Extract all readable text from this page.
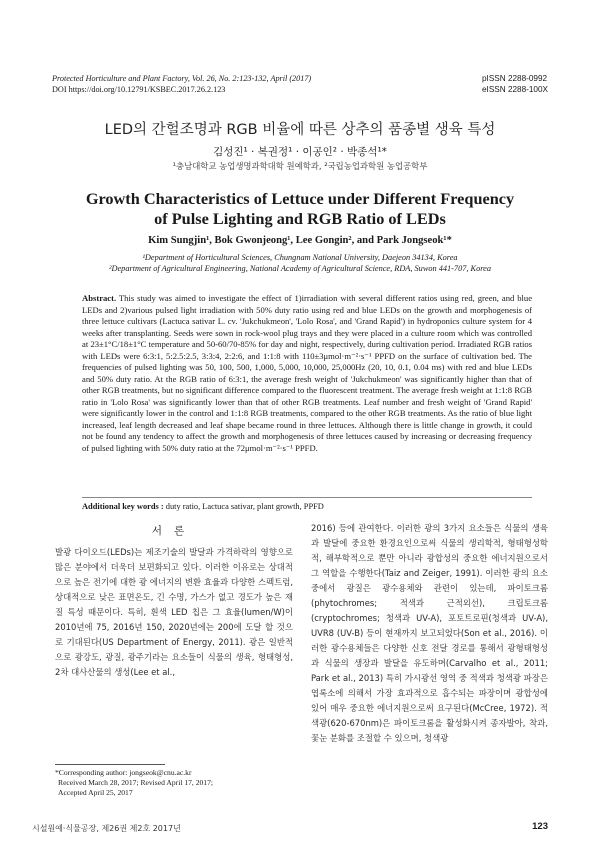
Protected Horticulture and Plant Factory, Vol. 26, No. 2:123-132, April (2017)
DOI https://doi.org/10.12791/KSBEC.2017.26.2.123
pISSN 2288-0992
eISSN 2288-100X
LED의 간헐조명과 RGB 비율에 따른 상추의 품종별 생육 특성
김성진¹ · 복권정¹ · 이공인² · 박종석¹*
¹충남대학교 농업생명과학대학 원예학과, ²국립농업과학원 농업공학부
Growth Characteristics of Lettuce under Different Frequency
of Pulse Lighting and RGB Ratio of LEDs
Kim Sungjin¹, Bok Gwonjeong¹, Lee Gongin², and Park Jongseok¹*
¹Department of Horticultural Sciences, Chungnam National University, Daejeon 34134, Korea
²Department of Agricultural Engineering, National Academy of Agricultural Science, RDA, Suwon 441-707, Korea
Abstract. This study was aimed to investigate the effect of 1)irradiation with several different ratios using red, green, and blue LEDs and 2)various pulsed light irradiation with 50% duty ratio using red and blue LEDs on the growth and morphogenesis of three lettuce cultivars (Lactuca sativar L. cv. 'Jukchukmeon', 'Lolo Rosa', and 'Grand Rapid') in hydroponics culture system for 4 weeks after transplanting. Seeds were sown in rock-wool plug trays and they were placed in a culture room which was controlled at 23±1°C/18±1°C temperature and 50-60/70-85% for day and night, respectively, during cultivation period. Irradiated RGB ratios with LEDs were 6:3:1, 5:2.5:2.5, 3:3:4, 2:2:6, and 1:1:8 with 110±3μmol·m⁻²·s⁻¹ PPFD on the surface of cultivation bed. The frequencies of pulsed lighting was 50, 100, 500, 1,000, 5,000, 10,000, 25,000Hz (20, 10, 0.1, 0.04 ms) with red and blue LEDs and 50% duty ratio. At the RGB ratio of 6:3:1, the average fresh weight of 'Jukchukmeon' was significantly higher than that of other RGB treatments, but no significant difference compared to the fluorescent treatment. The average fresh weight at 1:1:8 RGB ratio in 'Lolo Rosa' was significantly lower than that of other RGB treatments. Leaf number and fresh weight of 'Grand Rapid' were significantly lower in the control and 1:1:8 RGB treatments, compared to the other RGB treatments. As the ratio of blue light increased, leaf length decreased and leaf shape became round in three lettuces. Although there is little change in growth, it could not be found any tendency to affect the growth and morphogenesis of three lettuces caused by increasing or decreasing frequency of pulsed lighting with 50% duty ratio at the 72μmol·m⁻²·s⁻¹ PPFD.
Additional key words : duty ratio, Lactuca sativar, plant growth, PPFD
서론
발광 다이오드(LEDs)는 제조기술의 발달과 가격하락의 영향으로 많은 분야에서 더욱더 보편화되고 있다. 이러한 이유로는 상대적으로 높은 전기에 대한 광 에너지의 변환 효율과 다양한 스펙트럼, 상대적으로 낮은 표면온도, 긴 수명, 가스가 없고 경도가 높은 재질 특성 때문이다. 특히, 흰색 LED 칩은 그 효율(lumen/W)이 2010년에 75, 2016년 150, 2020년에는 200에 도달 할 것으로 기대된다(US Department of Energy, 2011). 광은 일반적으로 광강도, 광질, 광주기라는 요소들이 식물의 생육, 형태형성, 2차 대사산물의 생성(Lee et al.,
2016) 등에 관여한다. 이러한 광의 3가지 요소들은 식물의 생육과 발달에 중요한 환경요인으로써 식물의 생리학적, 형태형성학적, 해부학적으로 뿐만 아니라 광합성의 중요한 에너지원으로서 그 역할을 수행한다(Taiz and Zeiger, 1991). 이러한 광의 요소 중에서 광질은 광수용체와 관련이 있는데, 파이토크롬(phytochromes; 적색과 근적외선), 크립토크롬(cryptochromes; 청색과 UV-A), 포토트로핀(청색과 UV-A), UVR8 (UV-B) 등이 현재까지 보고되었다(Son et al., 2016). 이러한 광수용체들은 다양한 신호 전달 경로를 통해서 광형태형성과 식물의 생장과 발달을 유도하며(Carvalho et al., 2011; Park et al., 2013) 특히 가시광선 영역 중 적색과 청색광 파장은 엽록소에 의해서 가장 효과적으로 흡수되는 파장이며 광합성에 있어 매우 중요한 에너지원으로써 요구된다(McCree, 1972). 적색광(620-670nm)은 파이토크롬을 활성화시켜 종자발아, 착과, 꽃눈 분화를 조절할 수 있으며, 청색광
*Corresponding author: jongseok@cnu.ac.kr
Received March 28, 2017; Revised April 17, 2017;
Accepted April 25, 2017
시설원예·식물공장, 제26권 제2호 2017년	123
